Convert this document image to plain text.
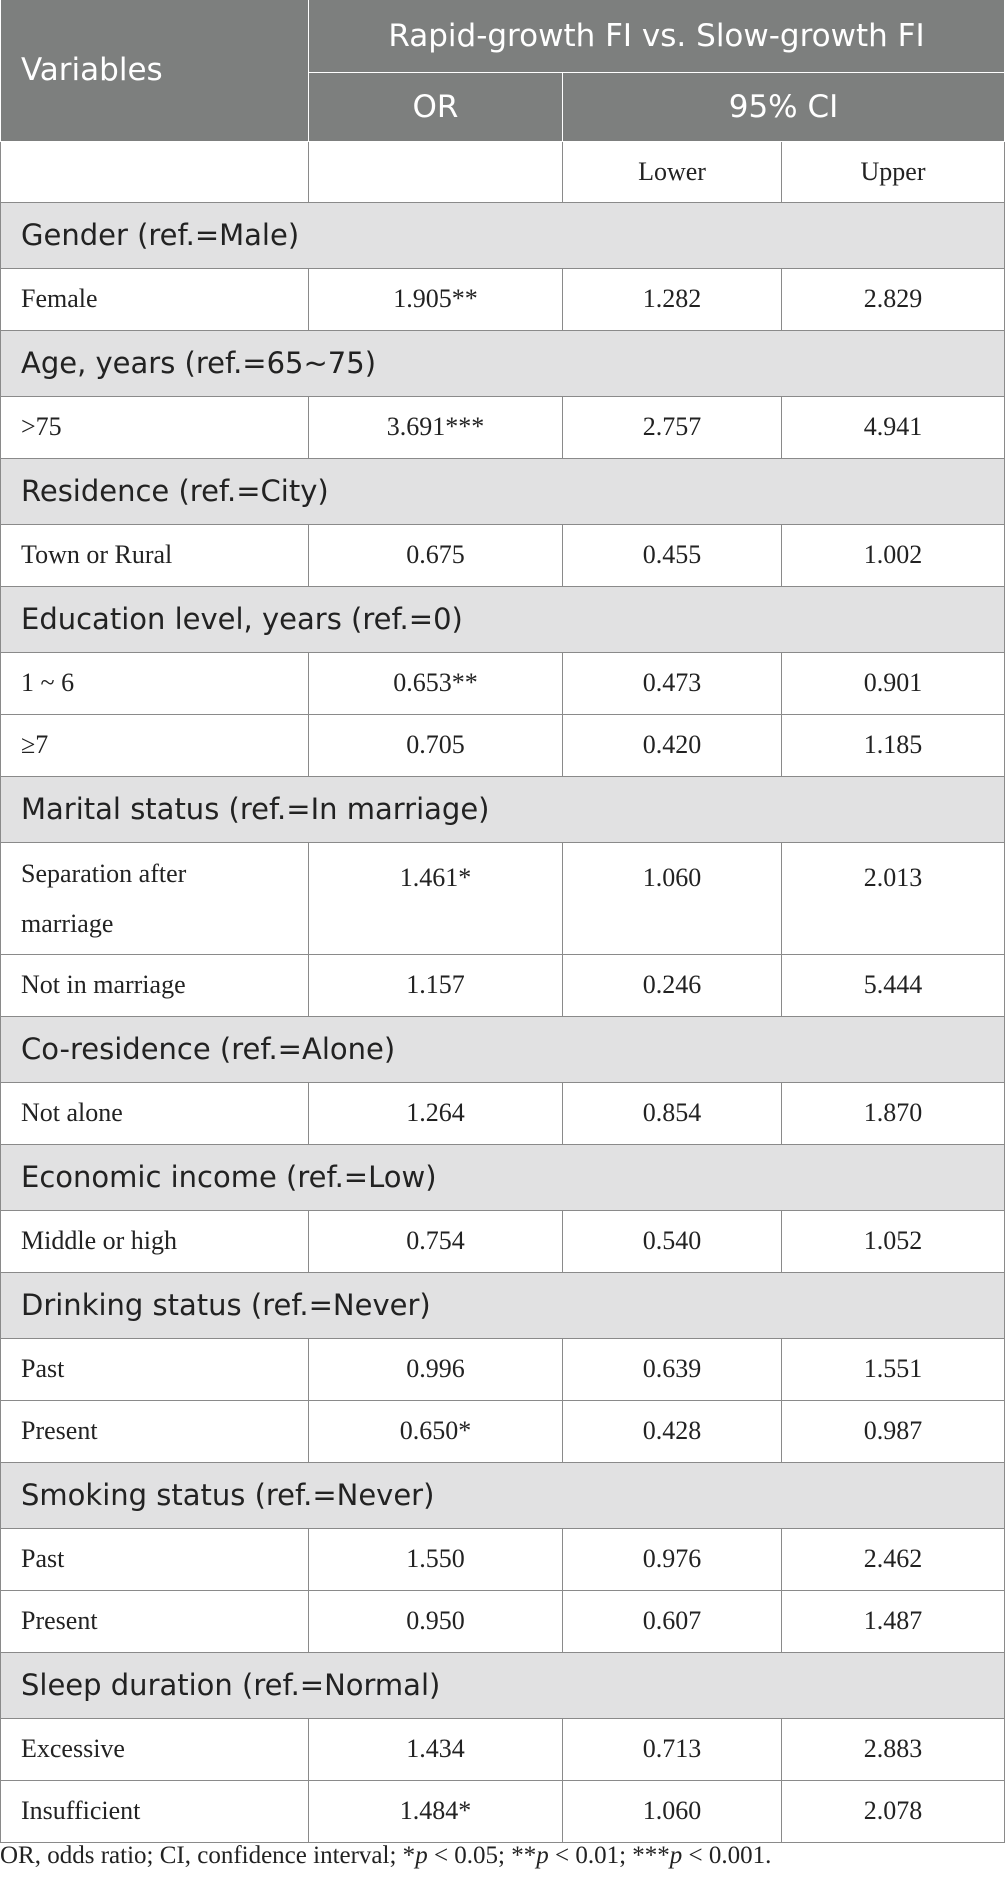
Variables	Rapid-growth FI vs. Slow-growth FI		
	OR	95% CI	
		Lower	Upper
Gender (ref.=Male)			
Female	1.905**	1.282	2.829
Age, years (ref.=65~75)			
>75	3.691***	2.757	4.941
Residence (ref.=City)			
Town or Rural	0.675	0.455	1.002
Education level, years (ref.=0)			
1 ~ 6	0.653**	0.473	0.901
≥7	0.705	0.420	1.185
Marital status (ref.=In marriage)			

Separation after
marriage	1.461*	1.060	2.013
Not in marriage	1.157	0.246	5.444
Co-residence (ref.=Alone)			
Not alone	1.264	0.854	1.870
Economic income (ref.=Low)			
Middle or high	0.754	0.540	1.052
Drinking status (ref.=Never)			
Past	0.996	0.639	1.551
Present	0.650*	0.428	0.987
Smoking status (ref.=Never)			
Past	1.550	0.976	2.462
Present	0.950	0.607	1.487
Sleep duration (ref.=Normal)			
Excessive	1.434	0.713	2.883
Insufficient	1.484*	1.060	2.078
OR, odds ratio; CI, confidence interval; *p < 0.05; **p < 0.01; ***p < 0.001.
